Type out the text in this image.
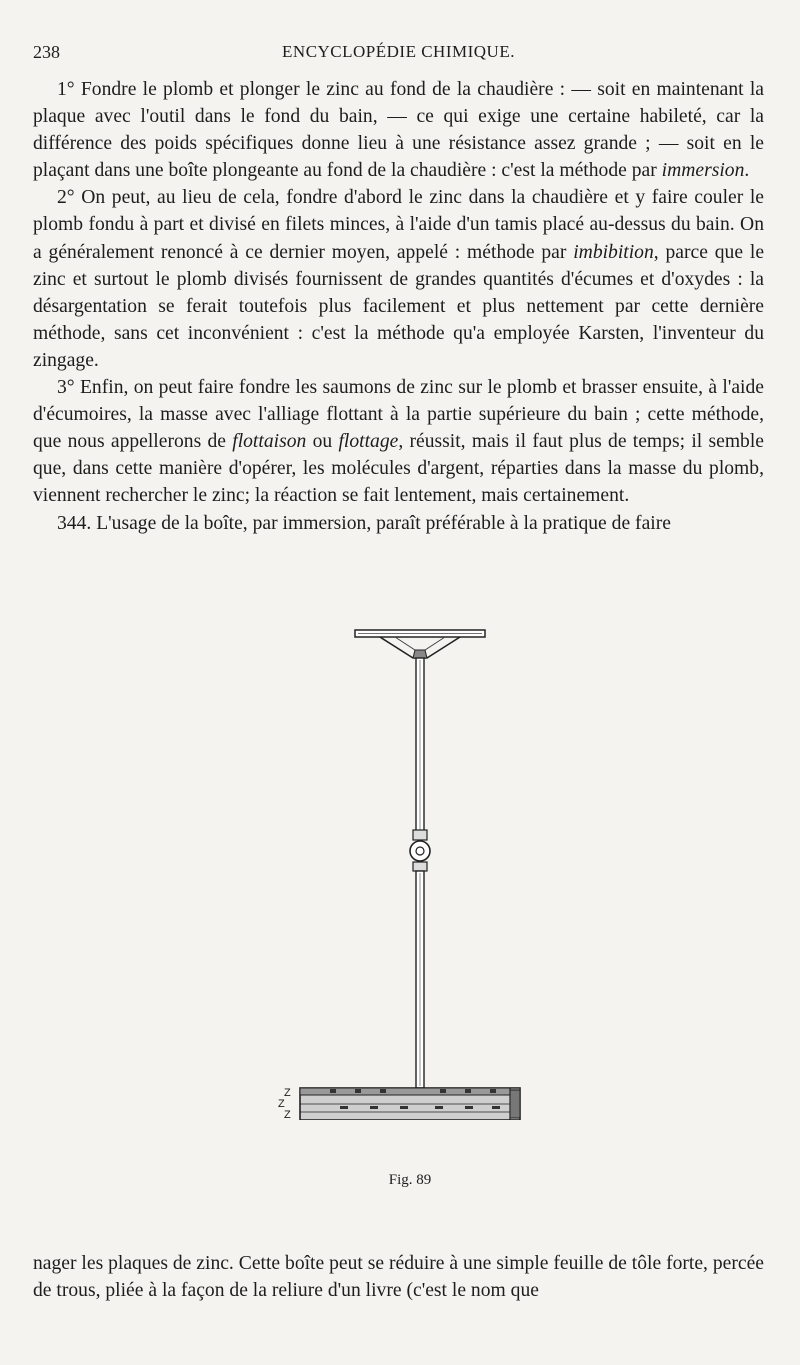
238	ENCYCLOPÉDIE CHIMIQUE.

1° Fondre le plomb et plonger le zinc au fond de la chaudière : — soit en maintenant la plaque avec l'outil dans le fond du bain, — ce qui exige une certaine habileté, car la différence des poids spécifiques donne lieu à une résistance assez grande ; — soit en le plaçant dans une boîte plongeante au fond de la chaudière : c'est la méthode par immersion.

2° On peut, au lieu de cela, fondre d'abord le zinc dans la chaudière et y faire couler le plomb fondu à part et divisé en filets minces, à l'aide d'un tamis placé au-dessus du bain. On a généralement renoncé à ce dernier moyen, appelé : méthode par imbibition, parce que le zinc et surtout le plomb divisés fournissent de grandes quantités d'écumes et d'oxydes : la désargentation se ferait toutefois plus facilement et plus nettement par cette dernière méthode, sans cet inconvénient : c'est la méthode qu'a employée Karsten, l'inventeur du zingage.

3° Enfin, on peut faire fondre les saumons de zinc sur le plomb et brasser ensuite, à l'aide d'écumoires, la masse avec l'alliage flottant à la partie supérieure du bain ; cette méthode, que nous appellerons de flottaison ou flottage, réussit, mais il faut plus de temps; il semble que, dans cette manière d'opérer, les molécules d'argent, réparties dans la masse du plomb, viennent rechercher le zinc; la réaction se fait lentement, mais certainement.

344. L'usage de la boîte, par immersion, paraît préférable à la pratique de faire

Z
Z
Z
Fig. 89

nager les plaques de zinc. Cette boîte peut se réduire à une simple feuille de tôle forte, percée de trous, pliée à la façon de la reliure d'un livre (c'est le nom que
